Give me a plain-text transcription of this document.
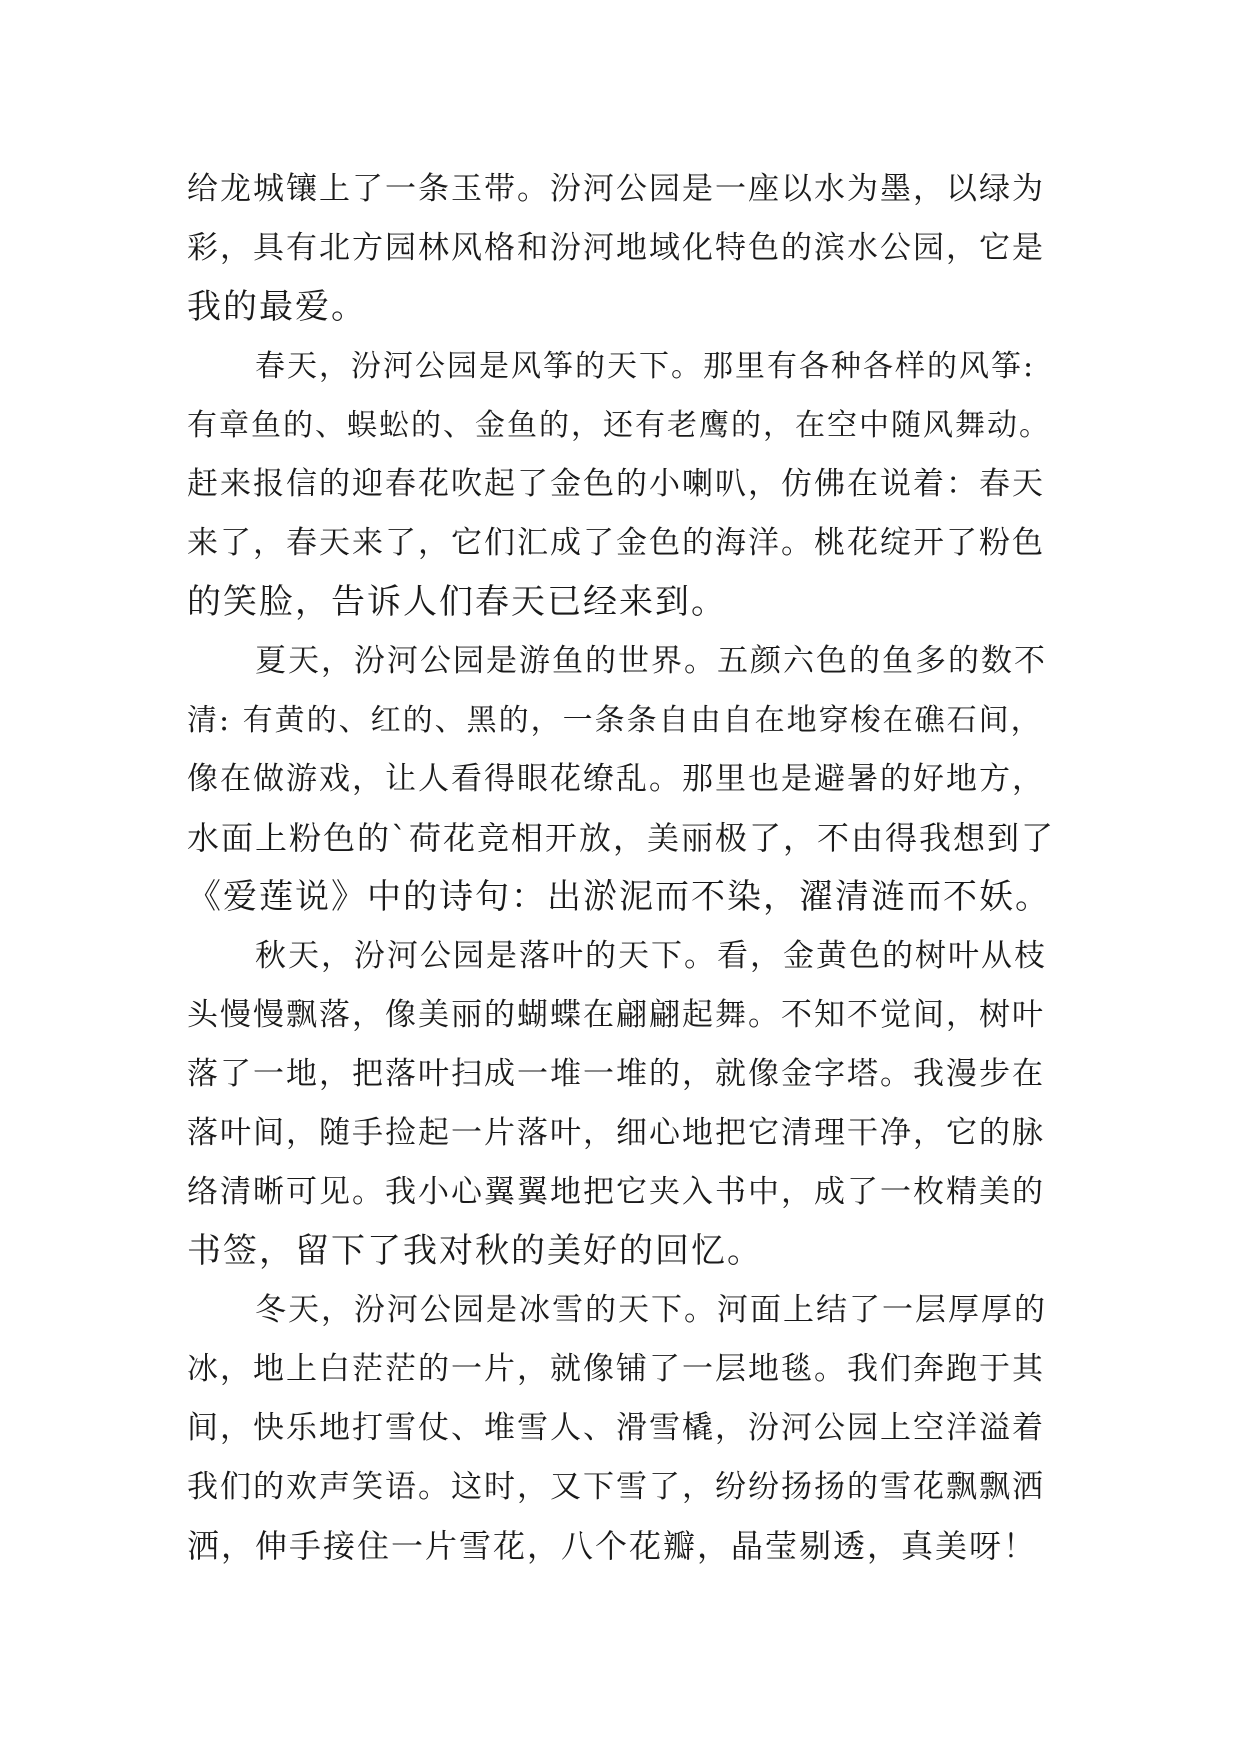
给龙城镶上了一条玉带。汾河公园是一座以水为墨，以绿为
彩，具有北方园林风格和汾河地域化特色的滨水公园，它是
我的最爱。
春天，汾河公园是风筝的天下。那里有各种各样的风筝:
有章鱼的、蜈蚣的、金鱼的，还有老鹰的，在空中随风舞动。
赶来报信的迎春花吹起了金色的小喇叭，仿佛在说着：春天
来了，春天来了，它们汇成了金色的海洋。桃花绽开了粉色
的笑脸，告诉人们春天已经来到。
夏天，汾河公园是游鱼的世界。五颜六色的鱼多的数不
清: 有黄的、红的、黑的，一条条自由自在地穿梭在礁石间，
像在做游戏，让人看得眼花缭乱。那里也是避暑的好地方，
水面上粉色的`荷花竞相开放，美丽极了，不由得我想到了
《爱莲说》中的诗句：出淤泥而不染，濯清涟而不妖。
秋天，汾河公园是落叶的天下。看，金黄色的树叶从枝
头慢慢飘落，像美丽的蝴蝶在翩翩起舞。不知不觉间，树叶
落了一地，把落叶扫成一堆一堆的，就像金字塔。我漫步在
落叶间，随手捡起一片落叶，细心地把它清理干净，它的脉
络清晰可见。我小心翼翼地把它夹入书中，成了一枚精美的
书签，留下了我对秋的美好的回忆。
冬天，汾河公园是冰雪的天下。河面上结了一层厚厚的
冰，地上白茫茫的一片，就像铺了一层地毯。我们奔跑于其
间，快乐地打雪仗、堆雪人、滑雪橇，汾河公园上空洋溢着
我们的欢声笑语。这时，又下雪了，纷纷扬扬的雪花飘飘洒
洒，伸手接住一片雪花，八个花瓣，晶莹剔透，真美呀！
